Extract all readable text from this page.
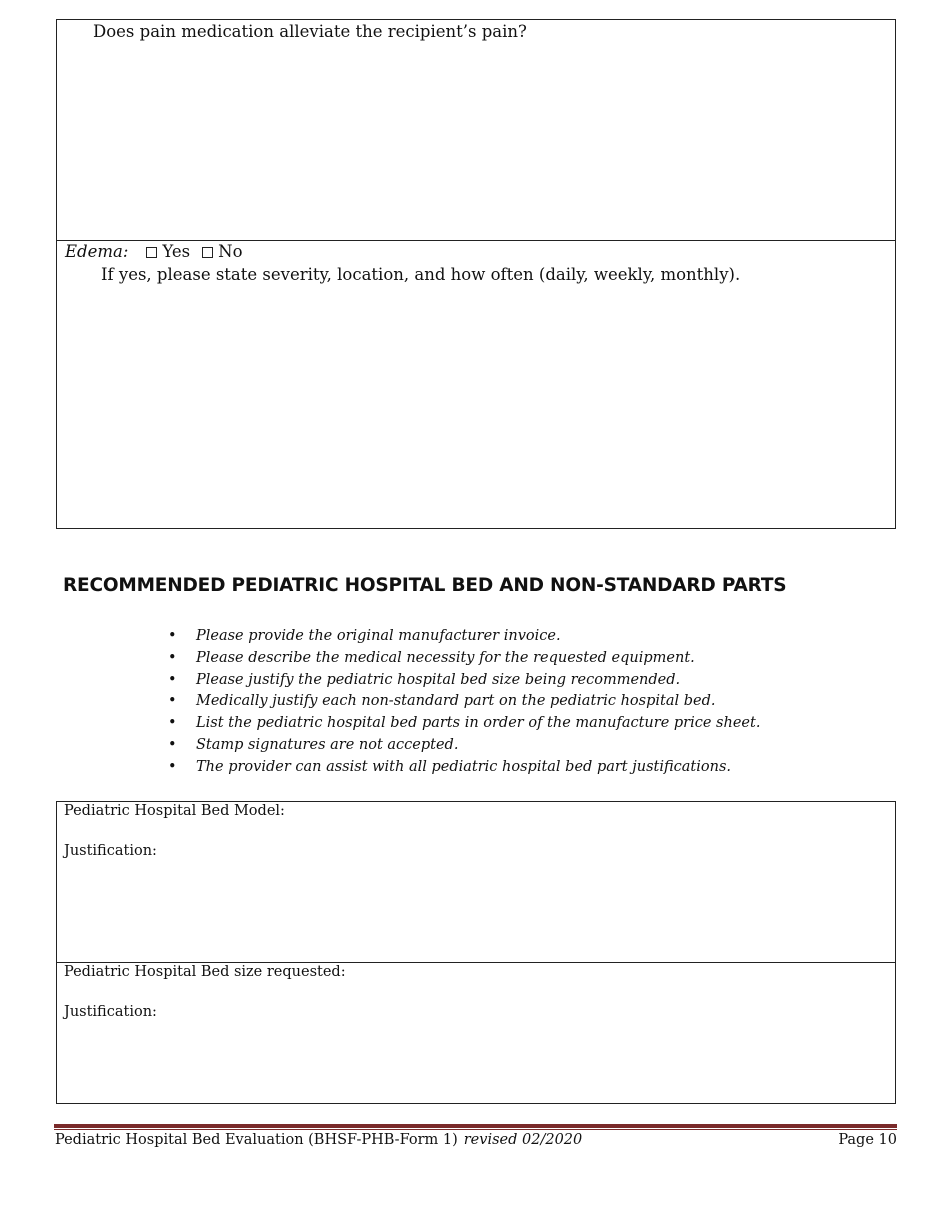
Does pain medication alleviate the recipient’s pain?

Edema: Yes No

If yes, please state severity, location, and how often (daily, weekly, monthly).

RECOMMENDED PEDIATRIC HOSPITAL BED AND NON-STANDARD PARTS
• Please provide the original manufacturer invoice.
• Please describe the medical necessity for the requested equipment.
• Please justify the pediatric hospital bed size being recommended.
• Medically justify each non-standard part on the pediatric hospital bed.
• List the pediatric hospital bed parts in order of the manufacture price sheet.
• Stamp signatures are not accepted.
• The provider can assist with all pediatric hospital bed part justifications.

Pediatric Hospital Bed Model:

Justification:

Pediatric Hospital Bed size requested:

Justification:

Pediatric Hospital Bed Evaluation (BHSF-PHB-Form 1) revised 02/2020	Page 10
